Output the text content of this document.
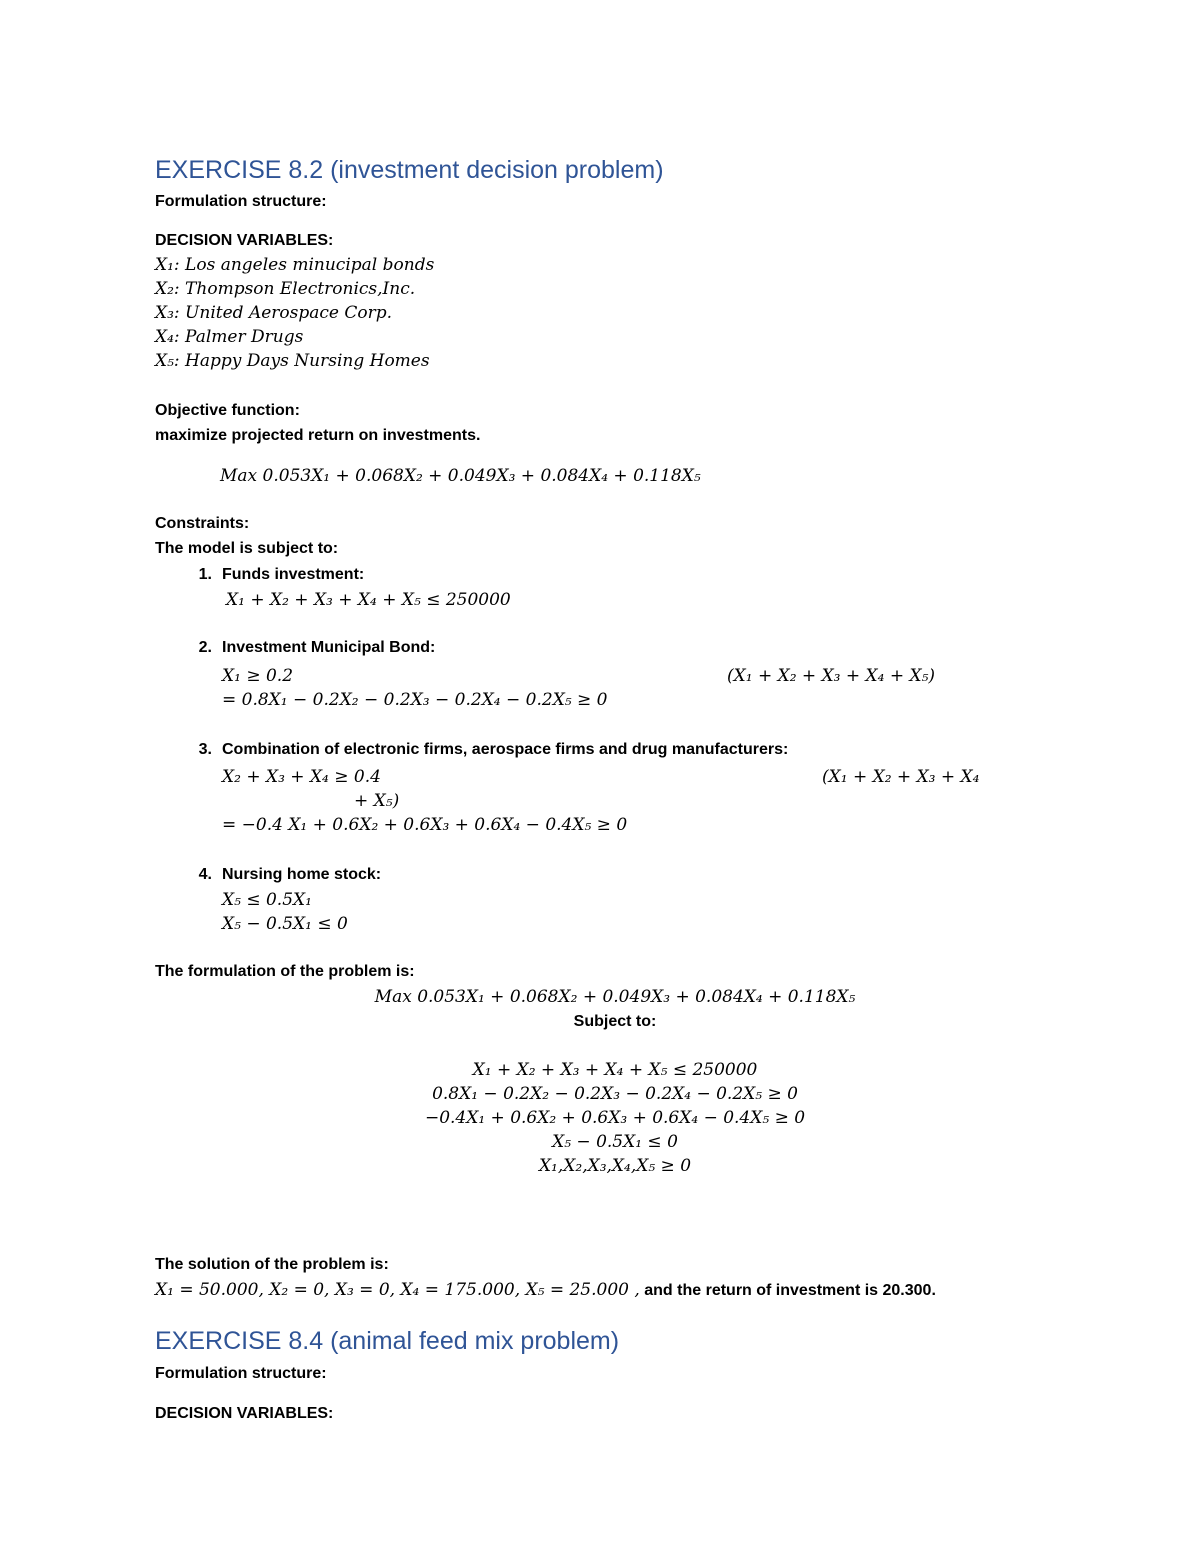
EXERCISE 8.2 (investment decision problem)
Formulation structure:
DECISION VARIABLES:
X₁: Los angeles minucipal bonds
X₂: Thompson Electronics,Inc.
X₃: United Aerospace Corp.
X₄: Palmer Drugs
X₅: Happy Days Nursing Homes
Objective function:
maximize projected return on investments.
Max 0.053X₁ + 0.068X₂ + 0.049X₃ + 0.084X₄ + 0.118X₅
Constraints:
The model is subject to:
1. Funds investment:
X₁ + X₂ + X₃ + X₄ + X₅ ≤ 250000
2. Investment Municipal Bond:
X₁ ≥ 0.2	(X₁ + X₂ + X₃ + X₄ + X₅)
= 0.8X₁ − 0.2X₂ − 0.2X₃ − 0.2X₄ − 0.2X₅ ≥ 0
3. Combination of electronic firms, aerospace firms and drug manufacturers:
X₂ + X₃ + X₄ ≥ 0.4	(X₁ + X₂ + X₃ + X₄
+ X₅)
= −0.4 X₁ + 0.6X₂ + 0.6X₃ + 0.6X₄ − 0.4X₅ ≥ 0
4. Nursing home stock:
X₅ ≤ 0.5X₁
X₅ − 0.5X₁ ≤ 0
The formulation of the problem is:
Max 0.053X₁ + 0.068X₂ + 0.049X₃ + 0.084X₄ + 0.118X₅
Subject to:
X₁ + X₂ + X₃ + X₄ + X₅ ≤ 250000
0.8X₁ − 0.2X₂ − 0.2X₃ − 0.2X₄ − 0.2X₅ ≥ 0
−0.4X₁ + 0.6X₂ + 0.6X₃ + 0.6X₄ − 0.4X₅ ≥ 0
X₅ − 0.5X₁ ≤ 0
X₁,X₂,X₃,X₄,X₅ ≥ 0
The solution of the problem is:
X₁ = 50.000, X₂ = 0, X₃ = 0, X₄ = 175.000, X₅ = 25.000 , and the return of investment is 20.300.
EXERCISE 8.4 (animal feed mix problem)
Formulation structure:
DECISION VARIABLES:
